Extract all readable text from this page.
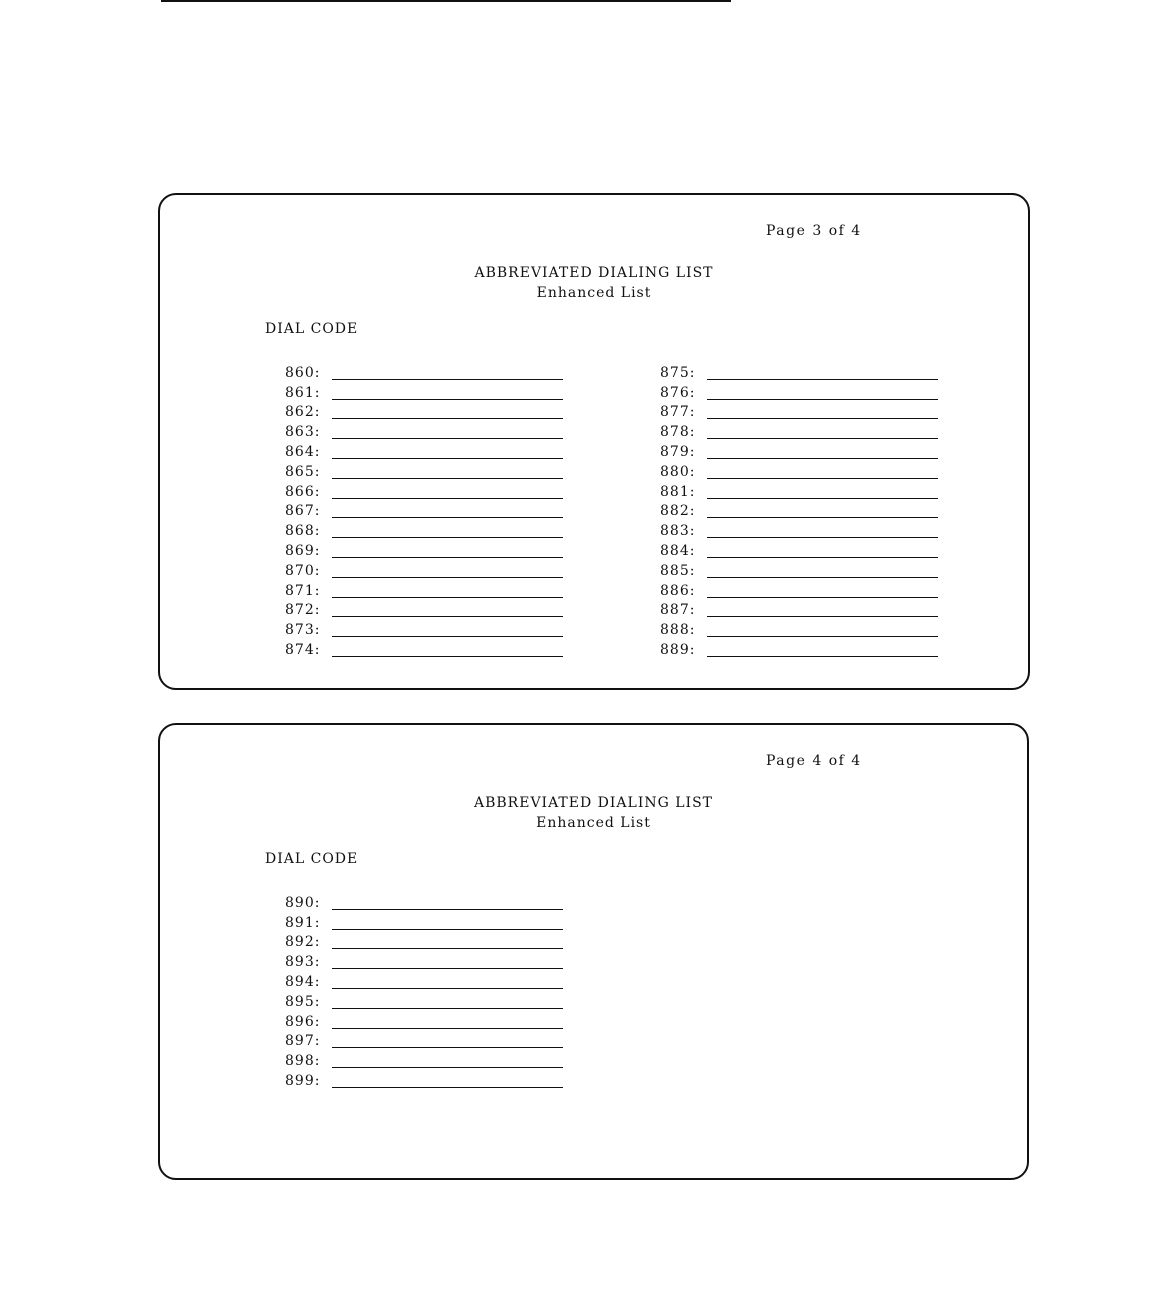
Page 3 of 4
ABBREVIATED DIALING LIST
Enhanced List
DIAL CODE
860:
861:
862:
863:
864:
865:
866:
867:
868:
869:
870:
871:
872:
873:
874:
875:
876:
877:
878:
879:
880:
881:
882:
883:
884:
885:
886:
887:
888:
889:
Page 4 of 4
ABBREVIATED DIALING LIST
Enhanced List
DIAL CODE
890:
891:
892:
893:
894:
895:
896:
897:
898:
899:
